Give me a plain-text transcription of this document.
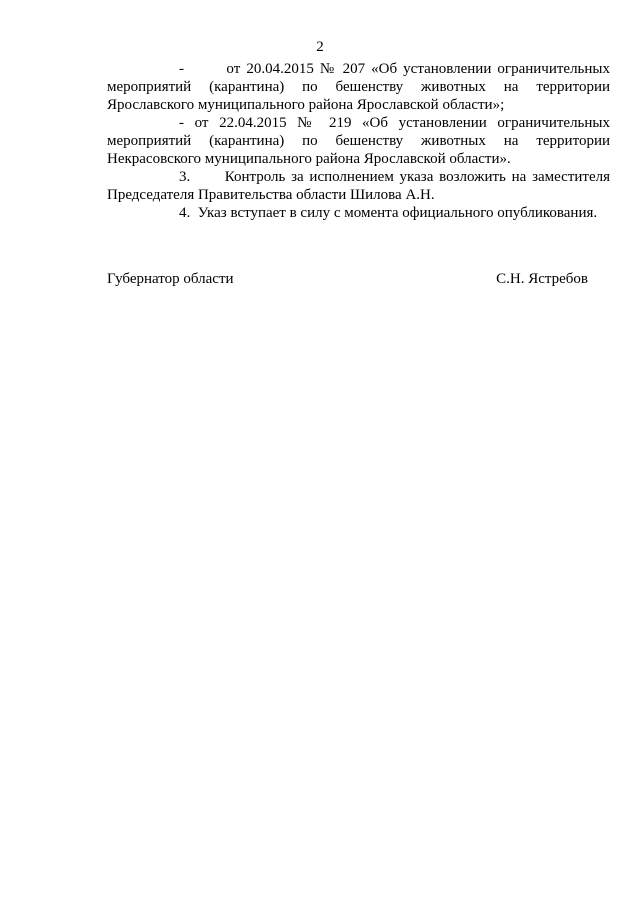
2

-	от 20.04.2015 № 207 «Об установлении ограничительных мероприятий (карантина) по бешенству животных на территории Ярославского муниципального района Ярославской области»;

- от 22.04.2015 № 219 «Об установлении ограничительных мероприятий (карантина) по бешенству животных на территории Некрасовского муниципального района Ярославской области».

3. Контроль за исполнением указа возложить на заместителя Председателя Правительства области Шилова А.Н.

4. Указ вступает в силу с момента официального опубликования.

Губернатор области	С.Н. Ястребов
